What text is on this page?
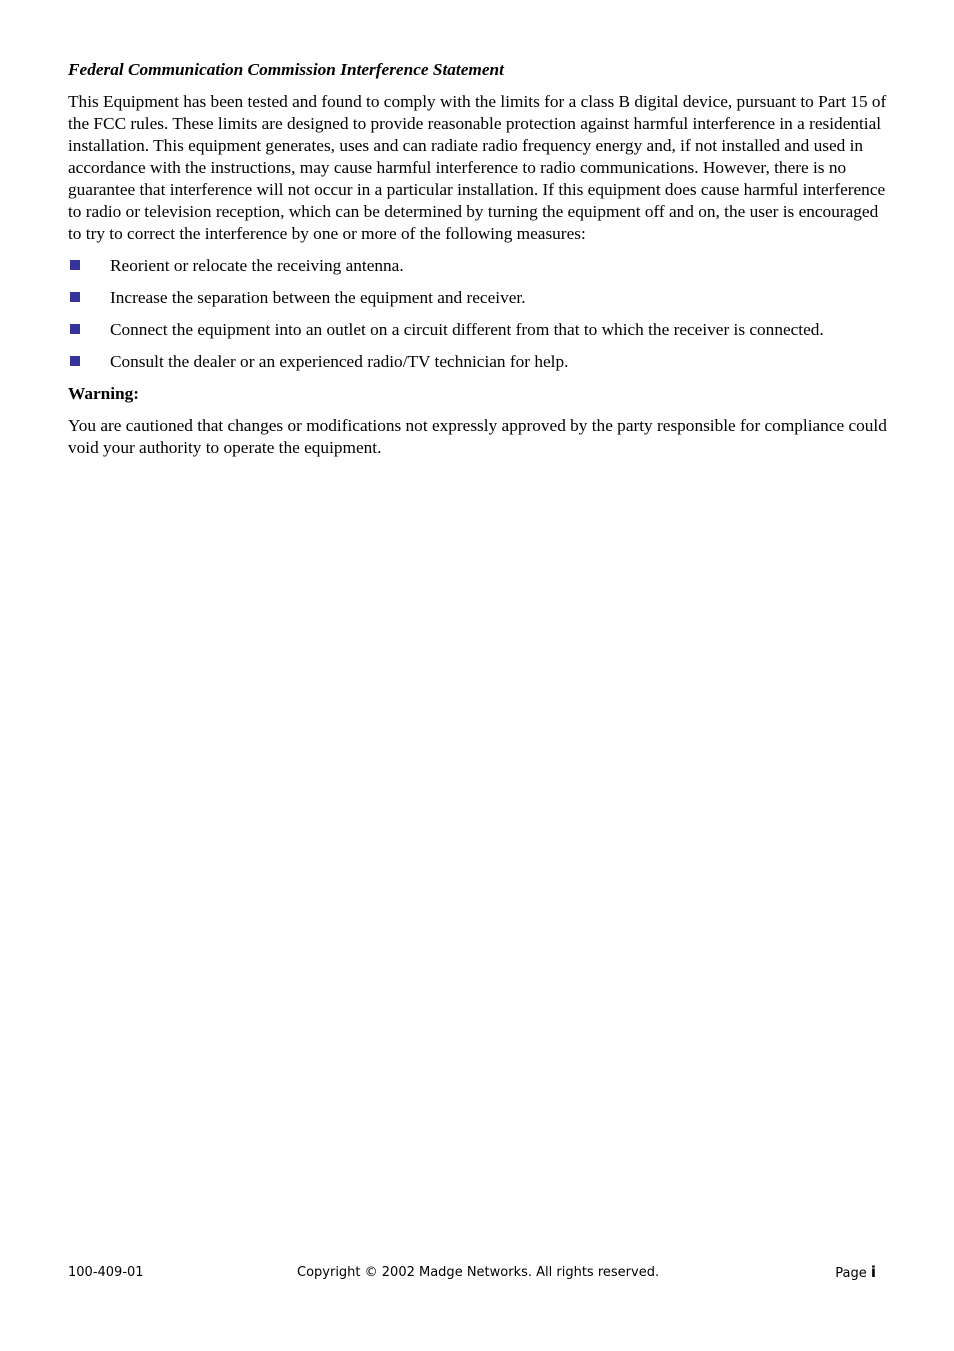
Federal Communication Commission Interference Statement

This Equipment has been tested and found to comply with the limits for a class B digital device, pursuant to Part 15 of the FCC rules. These limits are designed to provide reasonable protection against harmful interference in a residential installation. This equipment generates, uses and can radiate radio frequency energy and, if not installed and used in accordance with the instructions, may cause harmful interference to radio communications. However, there is no guarantee that interference will not occur in a particular installation. If this equipment does cause harmful interference to radio or television reception, which can be determined by turning the equipment off and on, the user is encouraged to try to correct the interference by one or more of the following measures:

Reorient or relocate the receiving antenna.
Increase the separation between the equipment and receiver.
Connect the equipment into an outlet on a circuit different from that to which the receiver is connected.
Consult the dealer or an experienced radio/TV technician for help.
Warning:

You are cautioned that changes or modifications not expressly approved by the party responsible for compliance could void your authority to operate the equipment.

100-409-01	Copyright © 2002 Madge Networks. All rights reserved.	Page i
